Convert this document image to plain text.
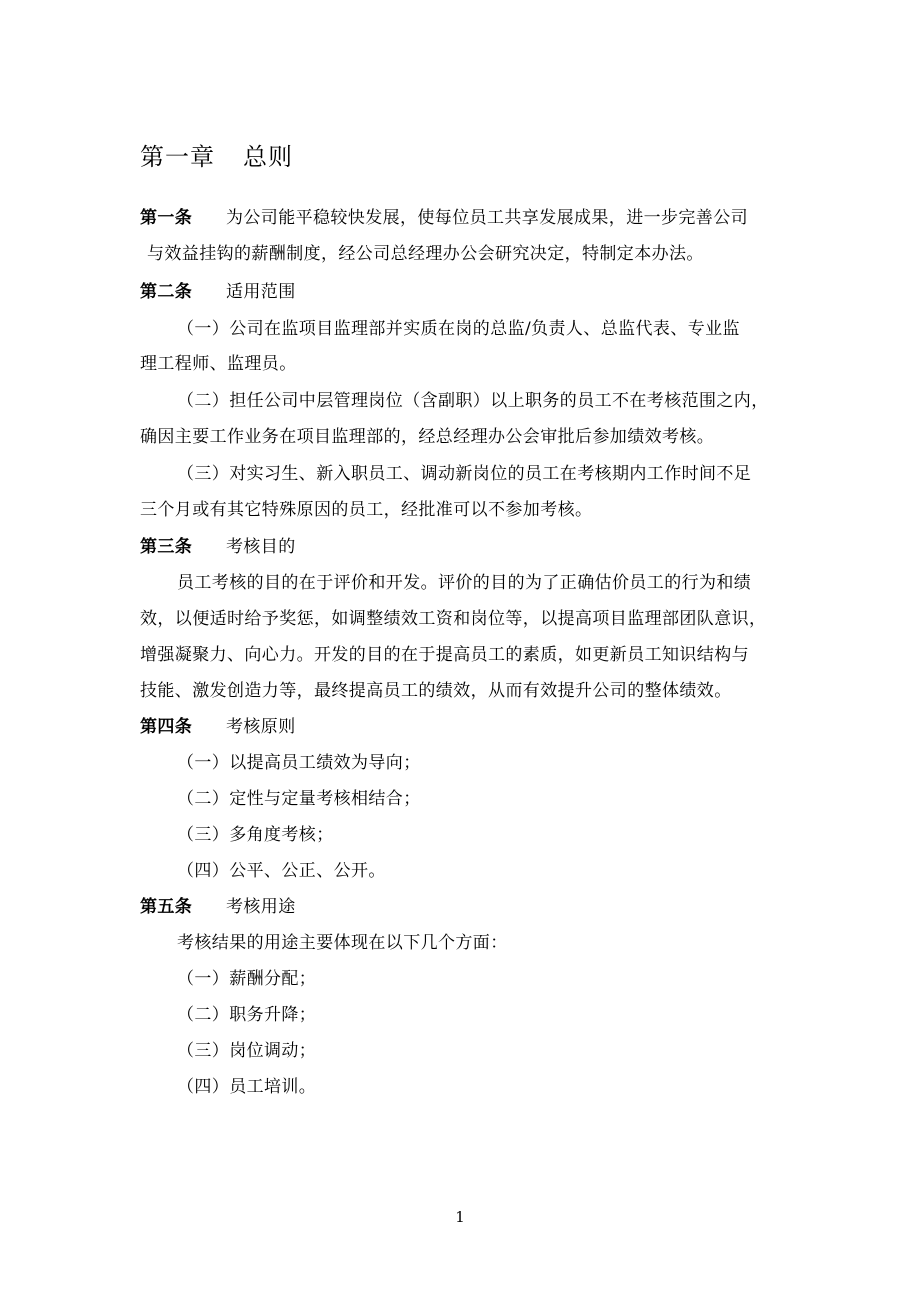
第一章 总则
第一条 为公司能平稳较快发展，使每位员工共享发展成果，进一步完善公司
与效益挂钩的薪酬制度，经公司总经理办公会研究决定，特制定本办法。
第二条 适用范围
（一）公司在监项目监理部并实质在岗的总监/负责人、总监代表、专业监
理工程师、监理员。
（二）担任公司中层管理岗位（含副职）以上职务的员工不在考核范围之内，
确因主要工作业务在项目监理部的，经总经理办公会审批后参加绩效考核。
（三）对实习生、新入职员工、调动新岗位的员工在考核期内工作时间不足
三个月或有其它特殊原因的员工，经批准可以不参加考核。
第三条 考核目的
员工考核的目的在于评价和开发。评价的目的为了正确估价员工的行为和绩
效，以便适时给予奖惩，如调整绩效工资和岗位等，以提高项目监理部团队意识，
增强凝聚力、向心力。开发的目的在于提高员工的素质，如更新员工知识结构与
技能、激发创造力等，最终提高员工的绩效，从而有效提升公司的整体绩效。
第四条 考核原则
（一）以提高员工绩效为导向；
（二）定性与定量考核相结合；
（三）多角度考核；
（四）公平、公正、公开。
第五条 考核用途
考核结果的用途主要体现在以下几个方面：
（一）薪酬分配；
（二）职务升降；
（三）岗位调动；
（四）员工培训。
1
